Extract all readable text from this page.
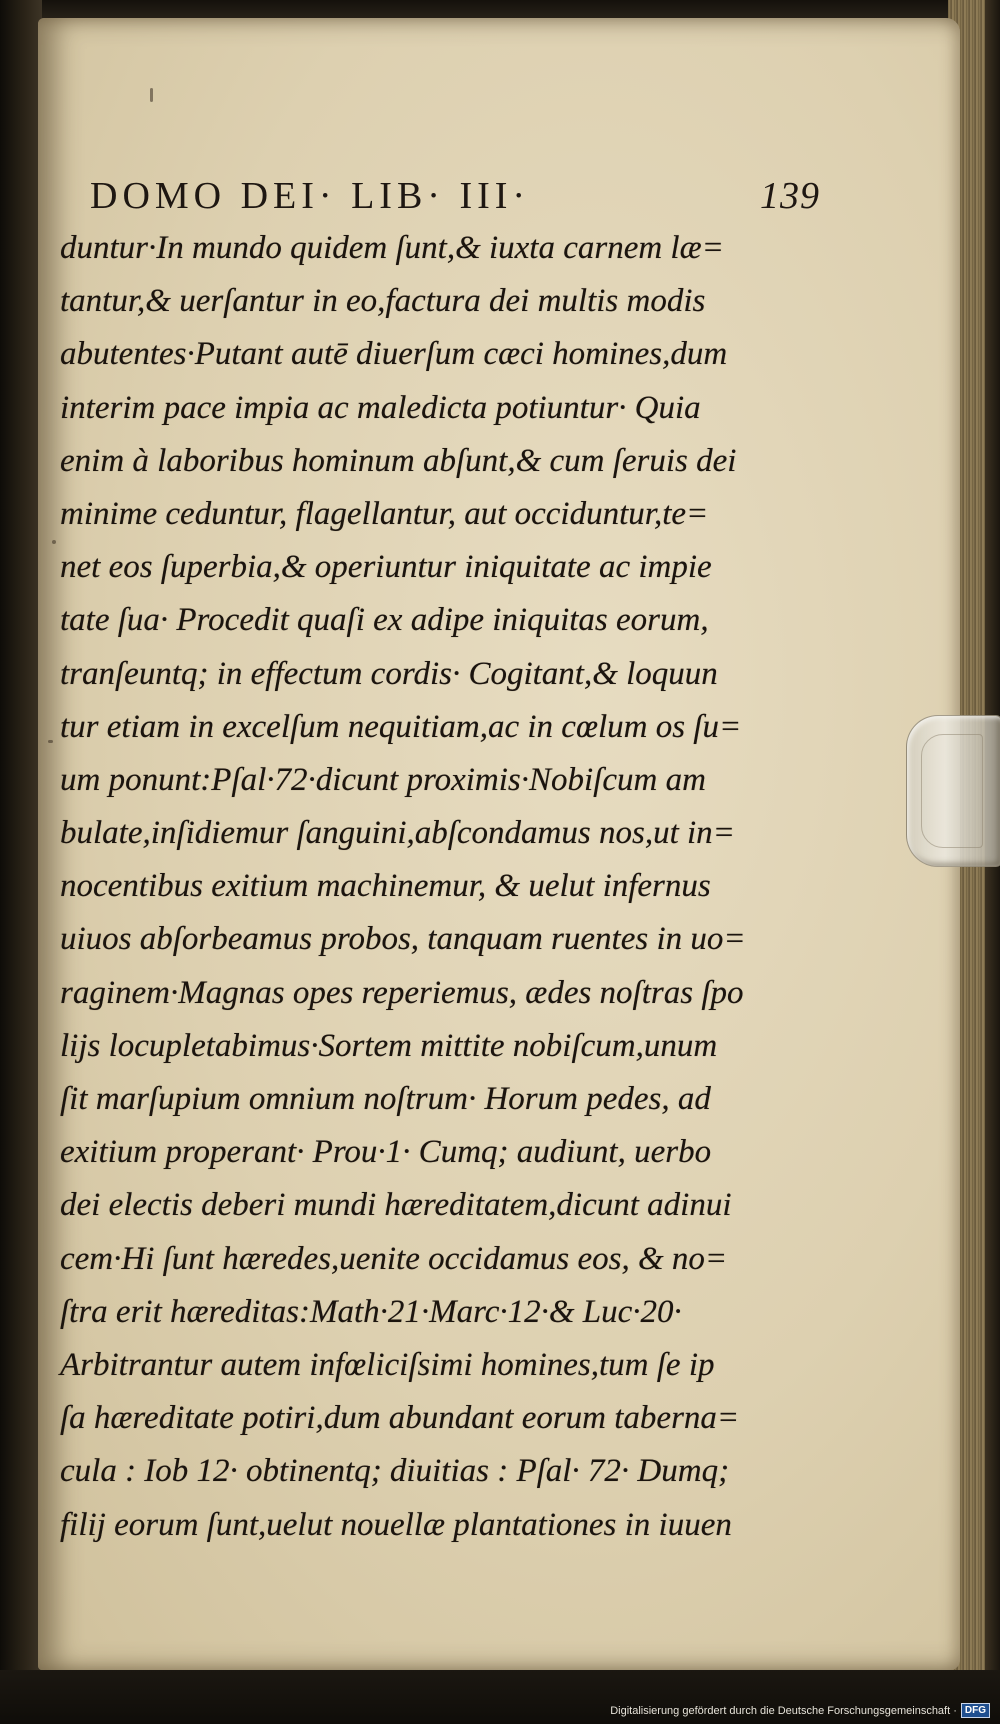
DOMO DEI· LIB· III·	139
duntur·In mundo quidem ſunt,& iuxta carnem læ=
tantur,& uerſantur in eo,factura dei multis modis
abutentes·Putant autē diuerſum cæci homines,dum
interim pace impia ac maledicta potiuntur· Quia
enim à laboribus hominum abſunt,& cum ſeruis dei
minime ceduntur, flagellantur, aut occiduntur,te=
net eos ſuperbia,& operiuntur iniquitate ac impie
tate ſua· Procedit quaſi ex adipe iniquitas eorum,
tranſeuntq; in effectum cordis· Cogitant,& loquun
tur etiam in excelſum nequitiam,ac in cœlum os ſu=
um ponunt:Pſal·72·dicunt proximis·Nobiſcum am
bulate,inſidiemur ſanguini,abſcondamus nos,ut in=
nocentibus exitium machinemur, & uelut infernus
uiuos abſorbeamus probos, tanquam ruentes in uo=
raginem·Magnas opes reperiemus, ædes noſtras ſpo
lijs locupletabimus·Sortem mittite nobiſcum,unum
ſit marſupium omnium noſtrum· Horum pedes, ad
exitium properant· Prou·1· Cumq; audiunt, uerbo
dei electis deberi mundi hæreditatem,dicunt adinui
cem·Hi ſunt hæredes,uenite occidamus eos, & no=
ſtra erit hæreditas:Math·21·Marc·12·& Luc·20·
Arbitrantur autem infœliciſsimi homines,tum ſe ip
ſa hæreditate potiri,dum abundant eorum taberna=
cula : Iob 12· obtinentq; diuitias : Pſal· 72· Dumq;
filij eorum ſunt,uelut nouellæ plantationes in iuuen
Digitalisierung gefördert durch die Deutsche Forschungsgemeinschaft · DFG
